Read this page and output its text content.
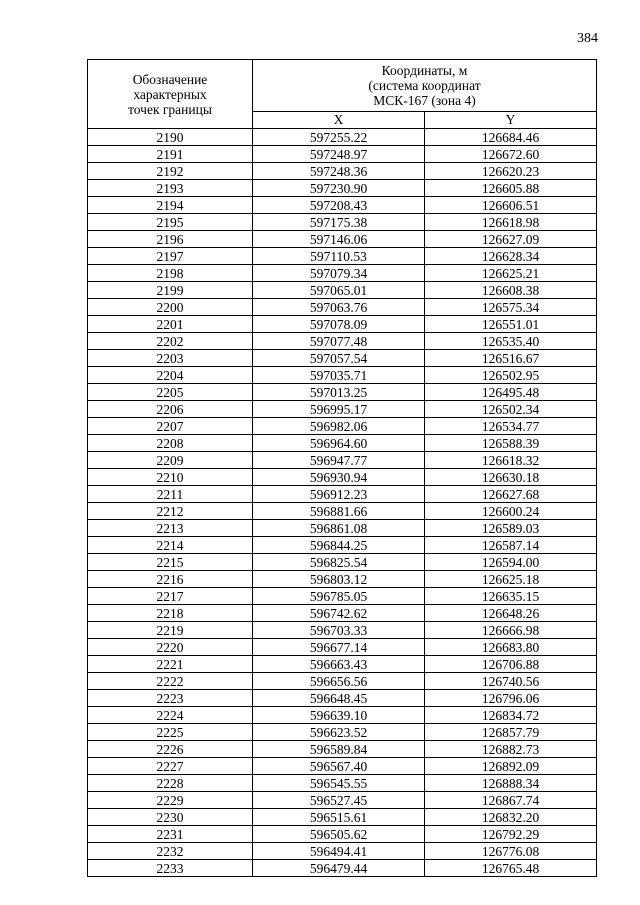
384
Обозначение
характерных
точек границы	Координаты, м
(система координат
МСК-167 (зона 4)	

	X	Y
2190	597255.22	126684.46
2191	597248.97	126672.60
2192	597248.36	126620.23
2193	597230.90	126605.88
2194	597208.43	126606.51
2195	597175.38	126618.98
2196	597146.06	126627.09
2197	597110.53	126628.34
2198	597079.34	126625.21
2199	597065.01	126608.38
2200	597063.76	126575.34
2201	597078.09	126551.01
2202	597077.48	126535.40
2203	597057.54	126516.67
2204	597035.71	126502.95
2205	597013.25	126495.48
2206	596995.17	126502.34
2207	596982.06	126534.77
2208	596964.60	126588.39
2209	596947.77	126618.32
2210	596930.94	126630.18
2211	596912.23	126627.68
2212	596881.66	126600.24
2213	596861.08	126589.03
2214	596844.25	126587.14
2215	596825.54	126594.00
2216	596803.12	126625.18
2217	596785.05	126635.15
2218	596742.62	126648.26
2219	596703.33	126666.98
2220	596677.14	126683.80
2221	596663.43	126706.88
2222	596656.56	126740.56
2223	596648.45	126796.06
2224	596639.10	126834.72
2225	596623.52	126857.79
2226	596589.84	126882.73
2227	596567.40	126892.09
2228	596545.55	126888.34
2229	596527.45	126867.74
2230	596515.61	126832.20
2231	596505.62	126792.29
2232	596494.41	126776.08
2233	596479.44	126765.48
